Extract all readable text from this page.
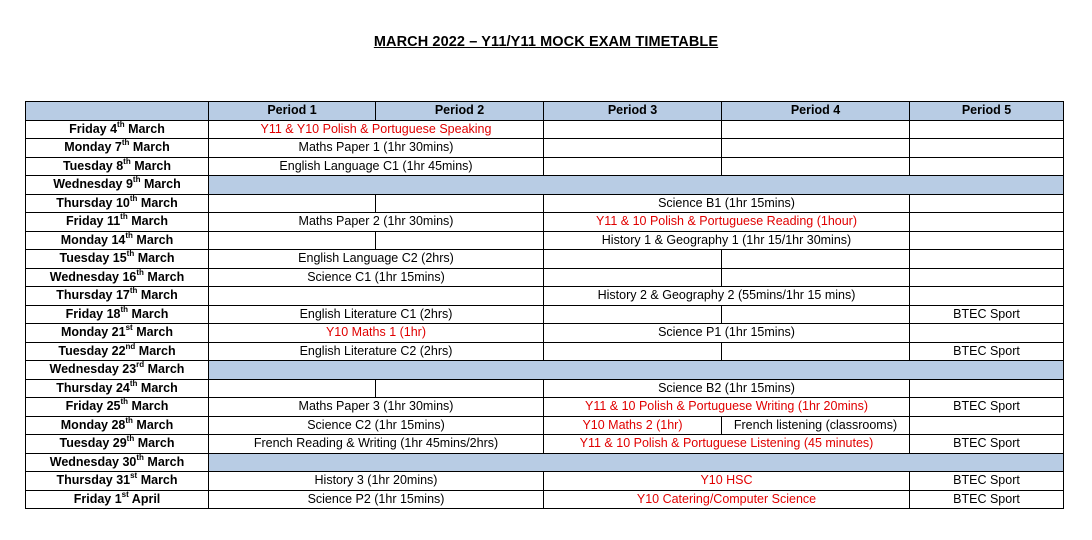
MARCH 2022 – Y11/Y11 MOCK EXAM TIMETABLE
	Period 1	Period 2	Period 3	Period 4	Period 5
Friday 4th March	Y11 & Y10 Polish & Portuguese Speaking				
Monday 7th March	Maths Paper 1 (1hr 30mins)				
Tuesday 8th March	English Language C1 (1hr 45mins)				
Wednesday 9th March					
Thursday 10th March			Science B1 (1hr 15mins)		
Friday 11th March	Maths Paper 2 (1hr 30mins)		Y11 & 10 Polish & Portuguese Reading (1hour)		
Monday 14th March			History 1 & Geography 1 (1hr 15/1hr 30mins)		
Tuesday 15th March	English Language C2 (2hrs)				
Wednesday 16th March	Science C1 (1hr 15mins)				
Thursday 17th March			History 2 & Geography 2 (55mins/1hr 15 mins)		
Friday 18th March	English Literature C1 (2hrs)				BTEC Sport
Monday 21st March	Y10 Maths 1 (1hr)		Science P1 (1hr 15mins)		
Tuesday 22nd March	English Literature C2 (2hrs)				BTEC Sport
Wednesday 23rd March					
Thursday 24th March			Science B2 (1hr 15mins)		
Friday 25th March	Maths Paper 3 (1hr 30mins)		Y11 & 10 Polish & Portuguese Writing (1hr 20mins)		BTEC Sport
Monday 28th March	Science C2 (1hr 15mins)		Y10 Maths 2 (1hr)	French listening (classrooms)	
Tuesday 29th March	French Reading & Writing (1hr 45mins/2hrs)		Y11 & 10 Polish & Portuguese Listening (45 minutes)		BTEC Sport
Wednesday 30th March					
Thursday 31st March	History 3 (1hr 20mins)		Y10 HSC		BTEC Sport
Friday 1st April	Science P2 (1hr 15mins)		Y10 Catering/Computer Science		BTEC Sport
